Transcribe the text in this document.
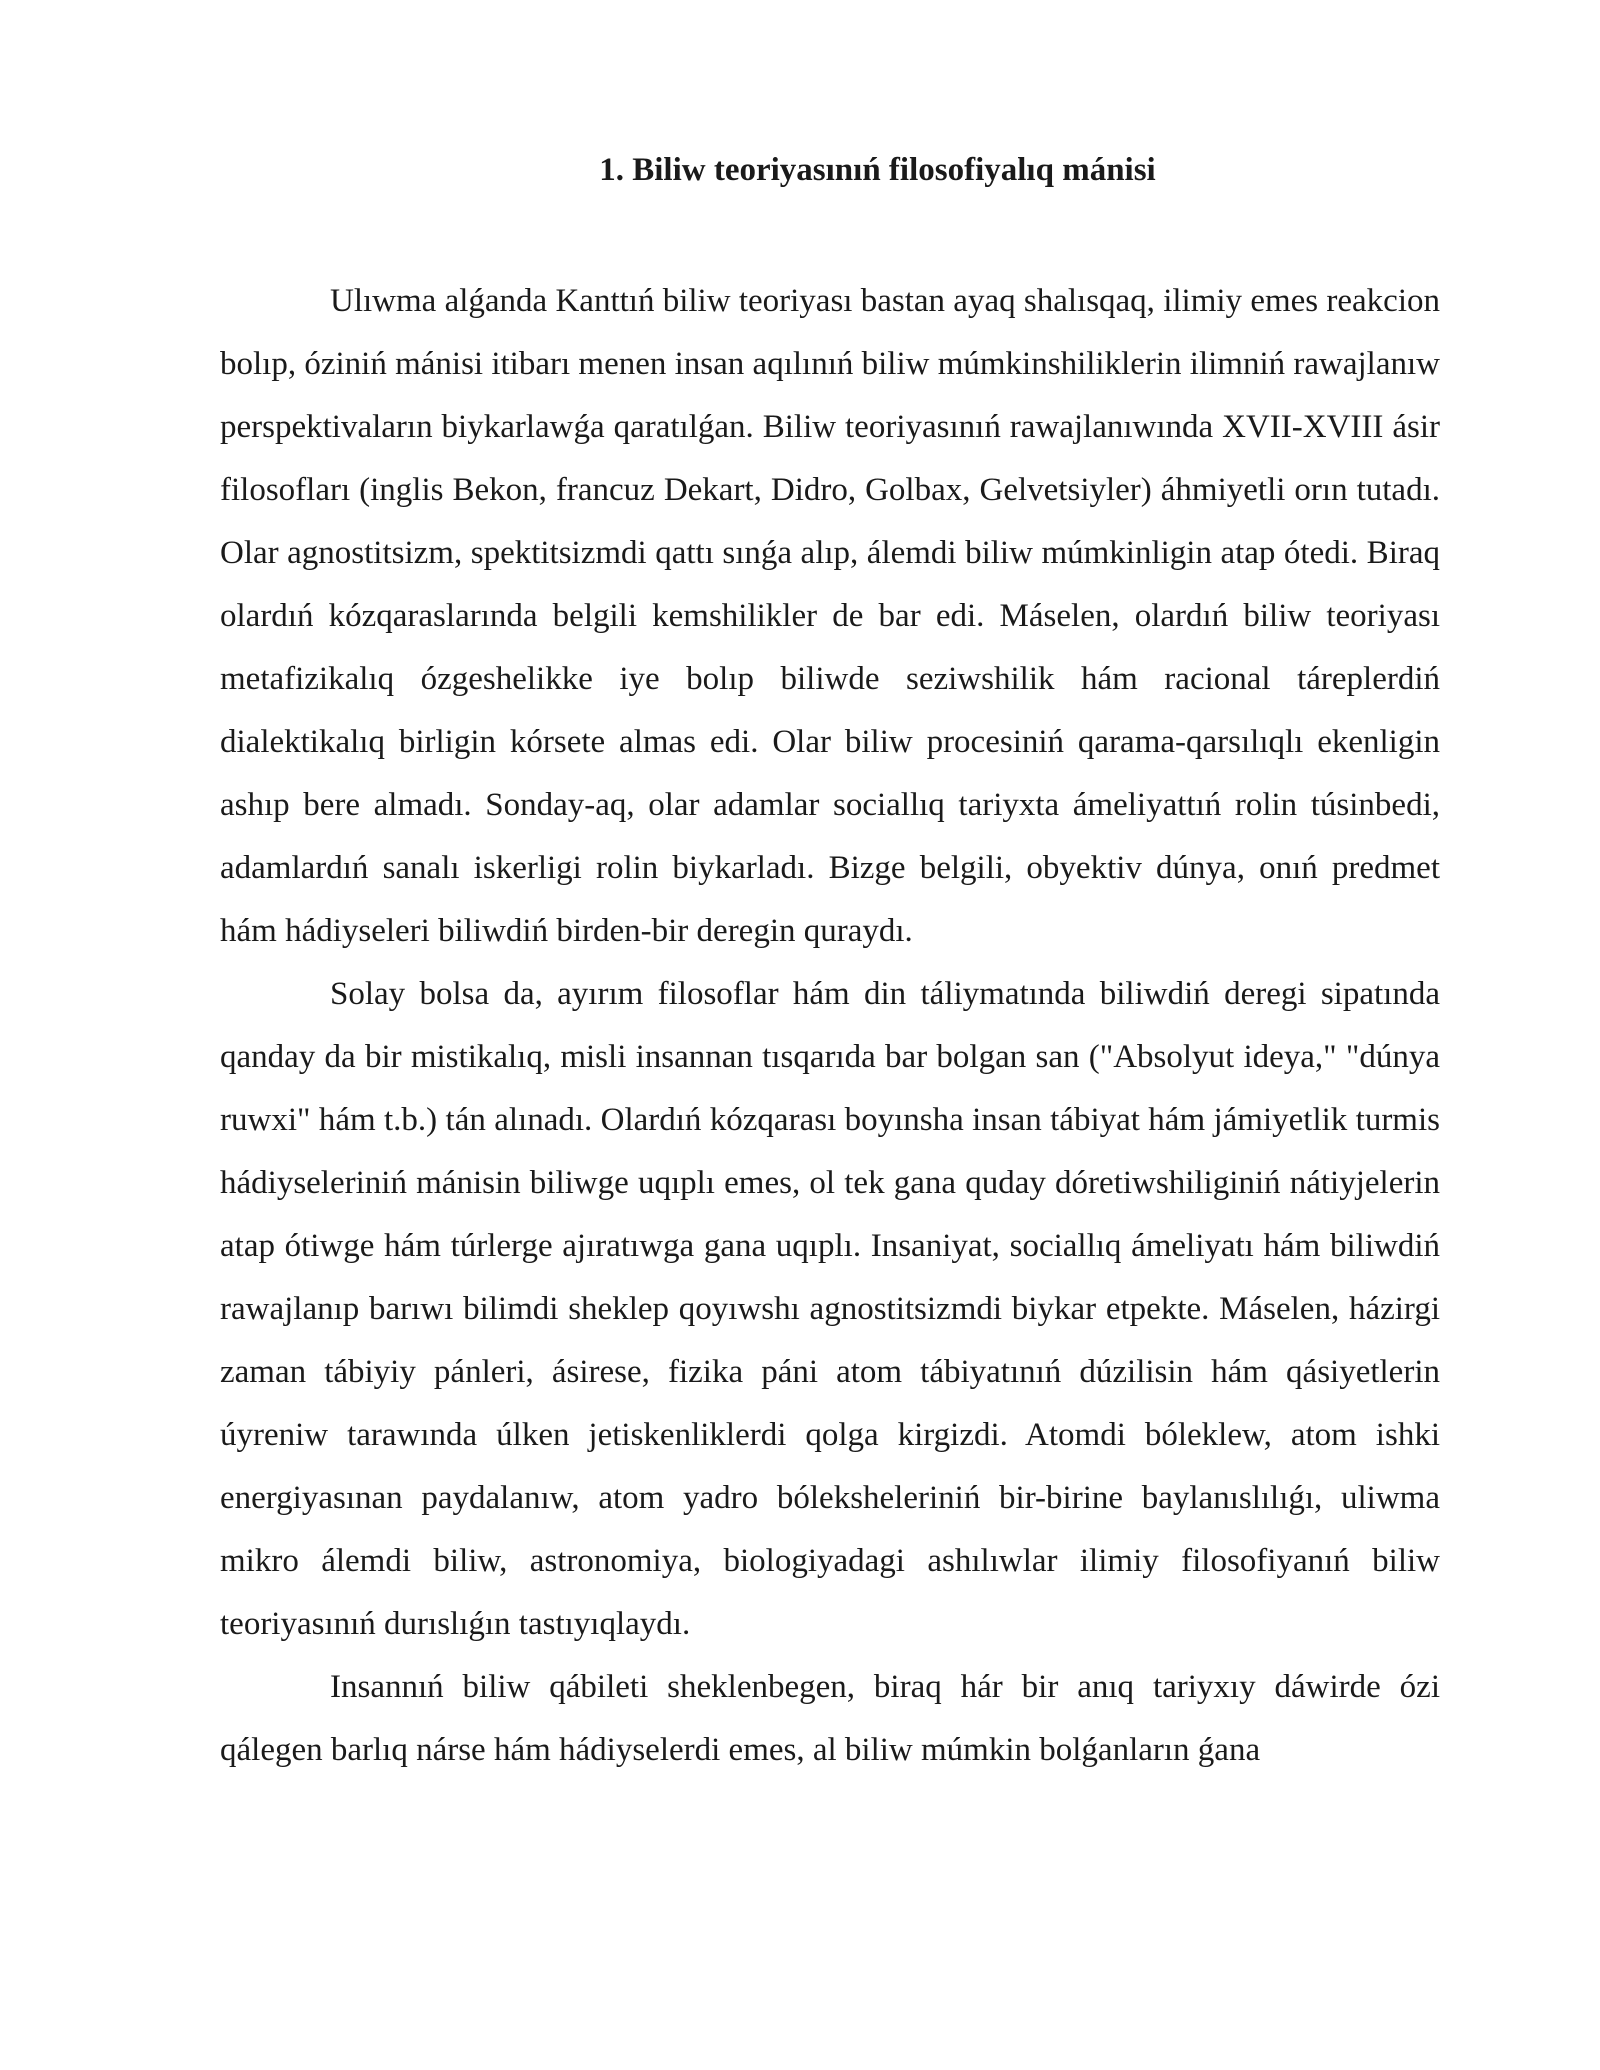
1. Biliw teoriyasınıń filosofiyalıq mánisi

Ulıwma alǵanda Kanttıń biliw teoriyası bastan ayaq shalısqaq, ilimiy emes reakcion bolıp, óziniń mánisi itibarı menen insan aqılınıń biliw múmkinshiliklerin ilimniń rawajlanıw perspektivaların biykarlawǵa qaratılǵan. Biliw teoriyasınıń rawajlanıwında XVII-XVIII ásir filosofları (inglis Bekon, francuz Dekart, Didro, Golbax, Gelvetsiyler) áhmiyetli orın tutadı. Olar agnostitsizm, spektitsizmdi qattı sınǵa alıp, álemdi biliw múmkinligin atap ótedi. Biraq olardıń kózqaraslarında belgili kemshilikler de bar edi. Máselen, olardıń biliw teoriyası metafizikalıq ózgeshelikke iye bolıp biliwde seziwshilik hám racional táreplerdiń dialektikalıq birligin kórsete almas edi. Olar biliw procesiniń qarama-qarsılıqlı ekenligin ashıp bere almadı. Sonday-aq, olar adamlar sociallıq tariyxta ámeliyattıń rolin túsinbedi, adamlardıń sanalı iskerligi rolin biykarladı. Bizge belgili, obyektiv dúnya, onıń predmet hám hádiyseleri biliwdiń birden-bir deregin quraydı.

Solay bolsa da, ayırım filosoflar hám din táliymatında biliwdiń deregi sipatında qanday da bir mistikalıq, misli insannan tısqarıda bar bolgan san ("Absolyut ideya," "dúnya ruwxi" hám t.b.) tán alınadı. Olardıń kózqarası boyınsha insan tábiyat hám jámiyetlik turmis hádiyseleriniń mánisin biliwge uqıplı emes, ol tek gana quday dóretiwshiliginiń nátiyjelerin atap ótiwge hám túrlerge ajıratıwga gana uqıplı. Insaniyat, sociallıq ámeliyatı hám biliwdiń rawajlanıp barıwı bilimdi sheklep qoyıwshı agnostitsizmdi biykar etpekte. Máselen, házirgi zaman tábiyiy pánleri, ásirese, fizika páni atom tábiyatınıń dúzilisin hám qásiyetlerin úyreniw tarawında úlken jetiskenliklerdi qolga kirgizdi. Atomdi bóleklew, atom ishki energiyasınan paydalanıw, atom yadro bóleksheleriniń bir-birine baylanıslılıǵı, uliwma mikro álemdi biliw, astronomiya, biologiyadagi ashılıwlar ilimiy filosofiyanıń biliw teoriyasınıń durıslıǵın tastıyıqlaydı.

Insannıń biliw qábileti sheklenbegen, biraq hár bir anıq tariyxıy dáwirde ózi qálegen barlıq nárse hám hádiyselerdi emes, al biliw múmkin bolǵanların ǵana
